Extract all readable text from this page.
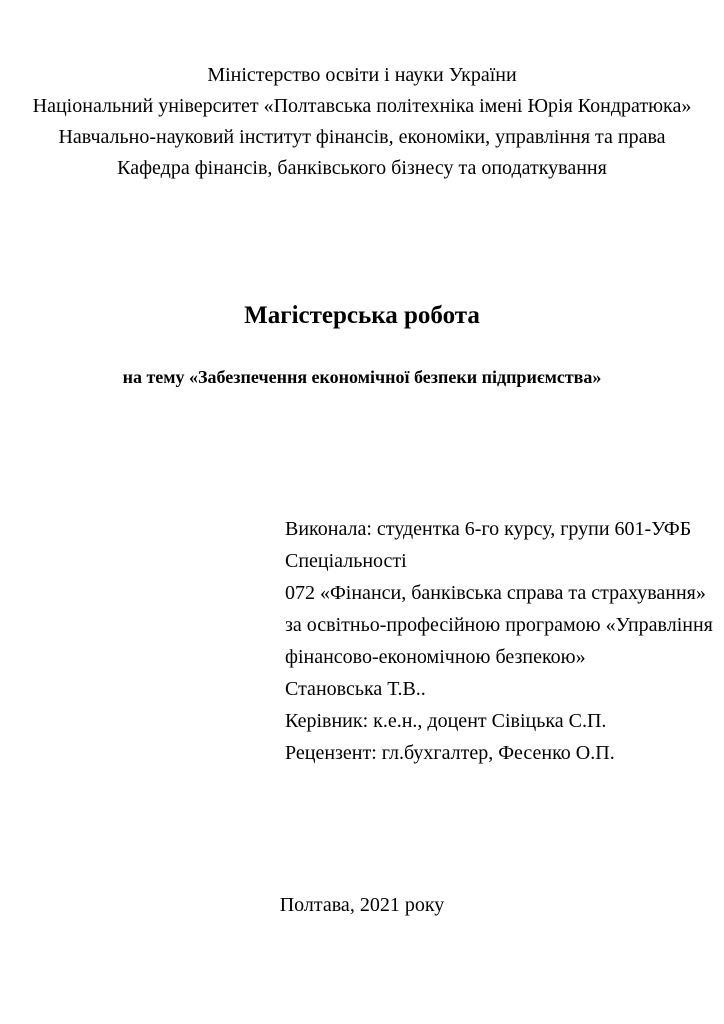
Міністерство освіти і науки України
Національний університет «Полтавська політехніка імені Юрія Кондратюка»
Навчально-науковий інститут фінансів, економіки, управління та права
Кафедра фінансів, банківського бізнесу та оподаткування
Магістерська робота
на тему «Забезпечення економічної безпеки підприємства»
Виконала: студентка 6-го курсу, групи 601-УФБ
Спеціальності
072 «Фінанси, банківська справа та страхування»
за освітньо-професійною програмою «Управління
фінансово-економічною безпекою»
Становська Т.В..
Керівник: к.е.н., доцент Сівіцька С.П.
Рецензент: гл.бухгалтер, Фесенко О.П.
Полтава, 2021 року
